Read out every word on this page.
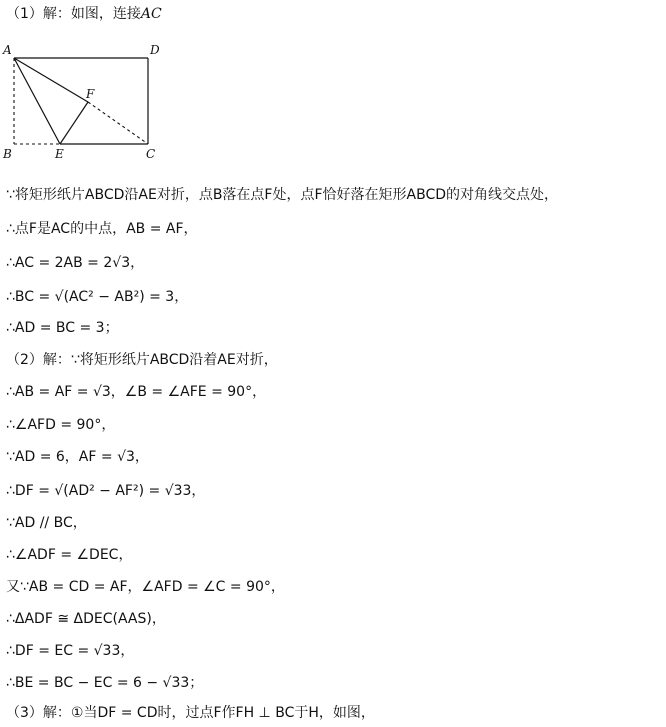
（1）解：如图，连接AC
A	D
B	E	C
F
∵将矩形纸片ABCD沿AE对折，点B落在点F处，点F恰好落在矩形ABCD的对角线交点处，
∴点F是AC的中点，AB = AF，
∴AC = 2AB = 2√3，
∴BC = √(AC² − AB²) = 3，
∴AD = BC = 3；
（2）解：∵将矩形纸片ABCD沿着AE对折，
∴AB = AF = √3，∠B = ∠AFE = 90°，
∴∠AFD = 90°，
∵AD = 6，AF = √3，
∴DF = √(AD² − AF²) = √33，
∵AD // BC，
∴∠ADF = ∠DEC，
又∵AB = CD = AF，∠AFD = ∠C = 90°，
∴ΔADF ≅ ΔDEC(AAS)，
∴DF = EC = √33，
∴BE = BC − EC = 6 − √33；
（3）解：①当DF = CD时，过点F作FH ⊥ BC于H，如图，
